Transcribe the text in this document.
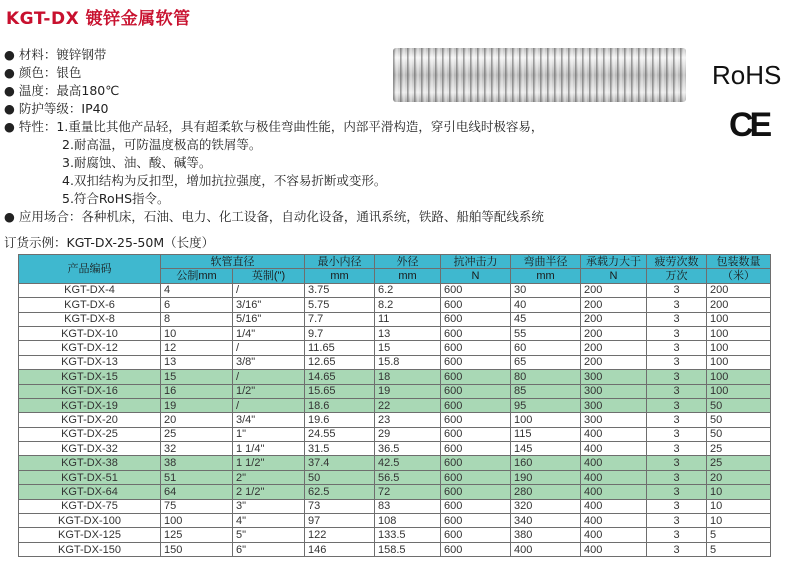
KGT-DX 镀锌金属软管
RoHS
CE
● 材料：镀锌钢带
● 颜色：银色
● 温度：最高180℃
● 防护等级：IP40
● 特性：1.重量比其他产品轻，具有超柔软与极佳弯曲性能，内部平滑构造，穿引电线时极容易，
2.耐高温，可防温度极高的铁屑等。
3.耐腐蚀、油、酸、碱等。
4.双扣结构为反扣型，增加抗拉强度，不容易折断或变形。
5.符合RoHS指令。
● 应用场合：各种机床，石油、电力、化工设备，自动化设备，通讯系统，铁路、船舶等配线系统
订货示例：KGT-DX-25-50M（长度）
产品编码	软管直径		最小内径	外径	抗冲击力	弯曲半径	承载力大于	疲劳次数	包装数量
	公制mm	英制(")	mm	mm	N	mm	N	万次	（米）
KGT-DX-4	4	/	3.75	6.2	600	30	200	3	200
KGT-DX-6	6	3/16"	5.75	8.2	600	40	200	3	200
KGT-DX-8	8	5/16"	7.7	11	600	45	200	3	100
KGT-DX-10	10	1/4"	9.7	13	600	55	200	3	100
KGT-DX-12	12	/	11.65	15	600	60	200	3	100
KGT-DX-13	13	3/8"	12.65	15.8	600	65	200	3	100
KGT-DX-15	15	/	14.65	18	600	80	300	3	100
KGT-DX-16	16	1/2"	15.65	19	600	85	300	3	100
KGT-DX-19	19	/	18.6	22	600	95	300	3	50
KGT-DX-20	20	3/4"	19.6	23	600	100	300	3	50
KGT-DX-25	25	1"	24.55	29	600	115	400	3	50
KGT-DX-32	32	1 1/4"	31.5	36.5	600	145	400	3	25
KGT-DX-38	38	1 1/2"	37.4	42.5	600	160	400	3	25
KGT-DX-51	51	2"	50	56.5	600	190	400	3	20
KGT-DX-64	64	2 1/2"	62.5	72	600	280	400	3	10
KGT-DX-75	75	3"	73	83	600	320	400	3	10
KGT-DX-100	100	4"	97	108	600	340	400	3	10
KGT-DX-125	125	5"	122	133.5	600	380	400	3	5
KGT-DX-150	150	6"	146	158.5	600	400	400	3	5
